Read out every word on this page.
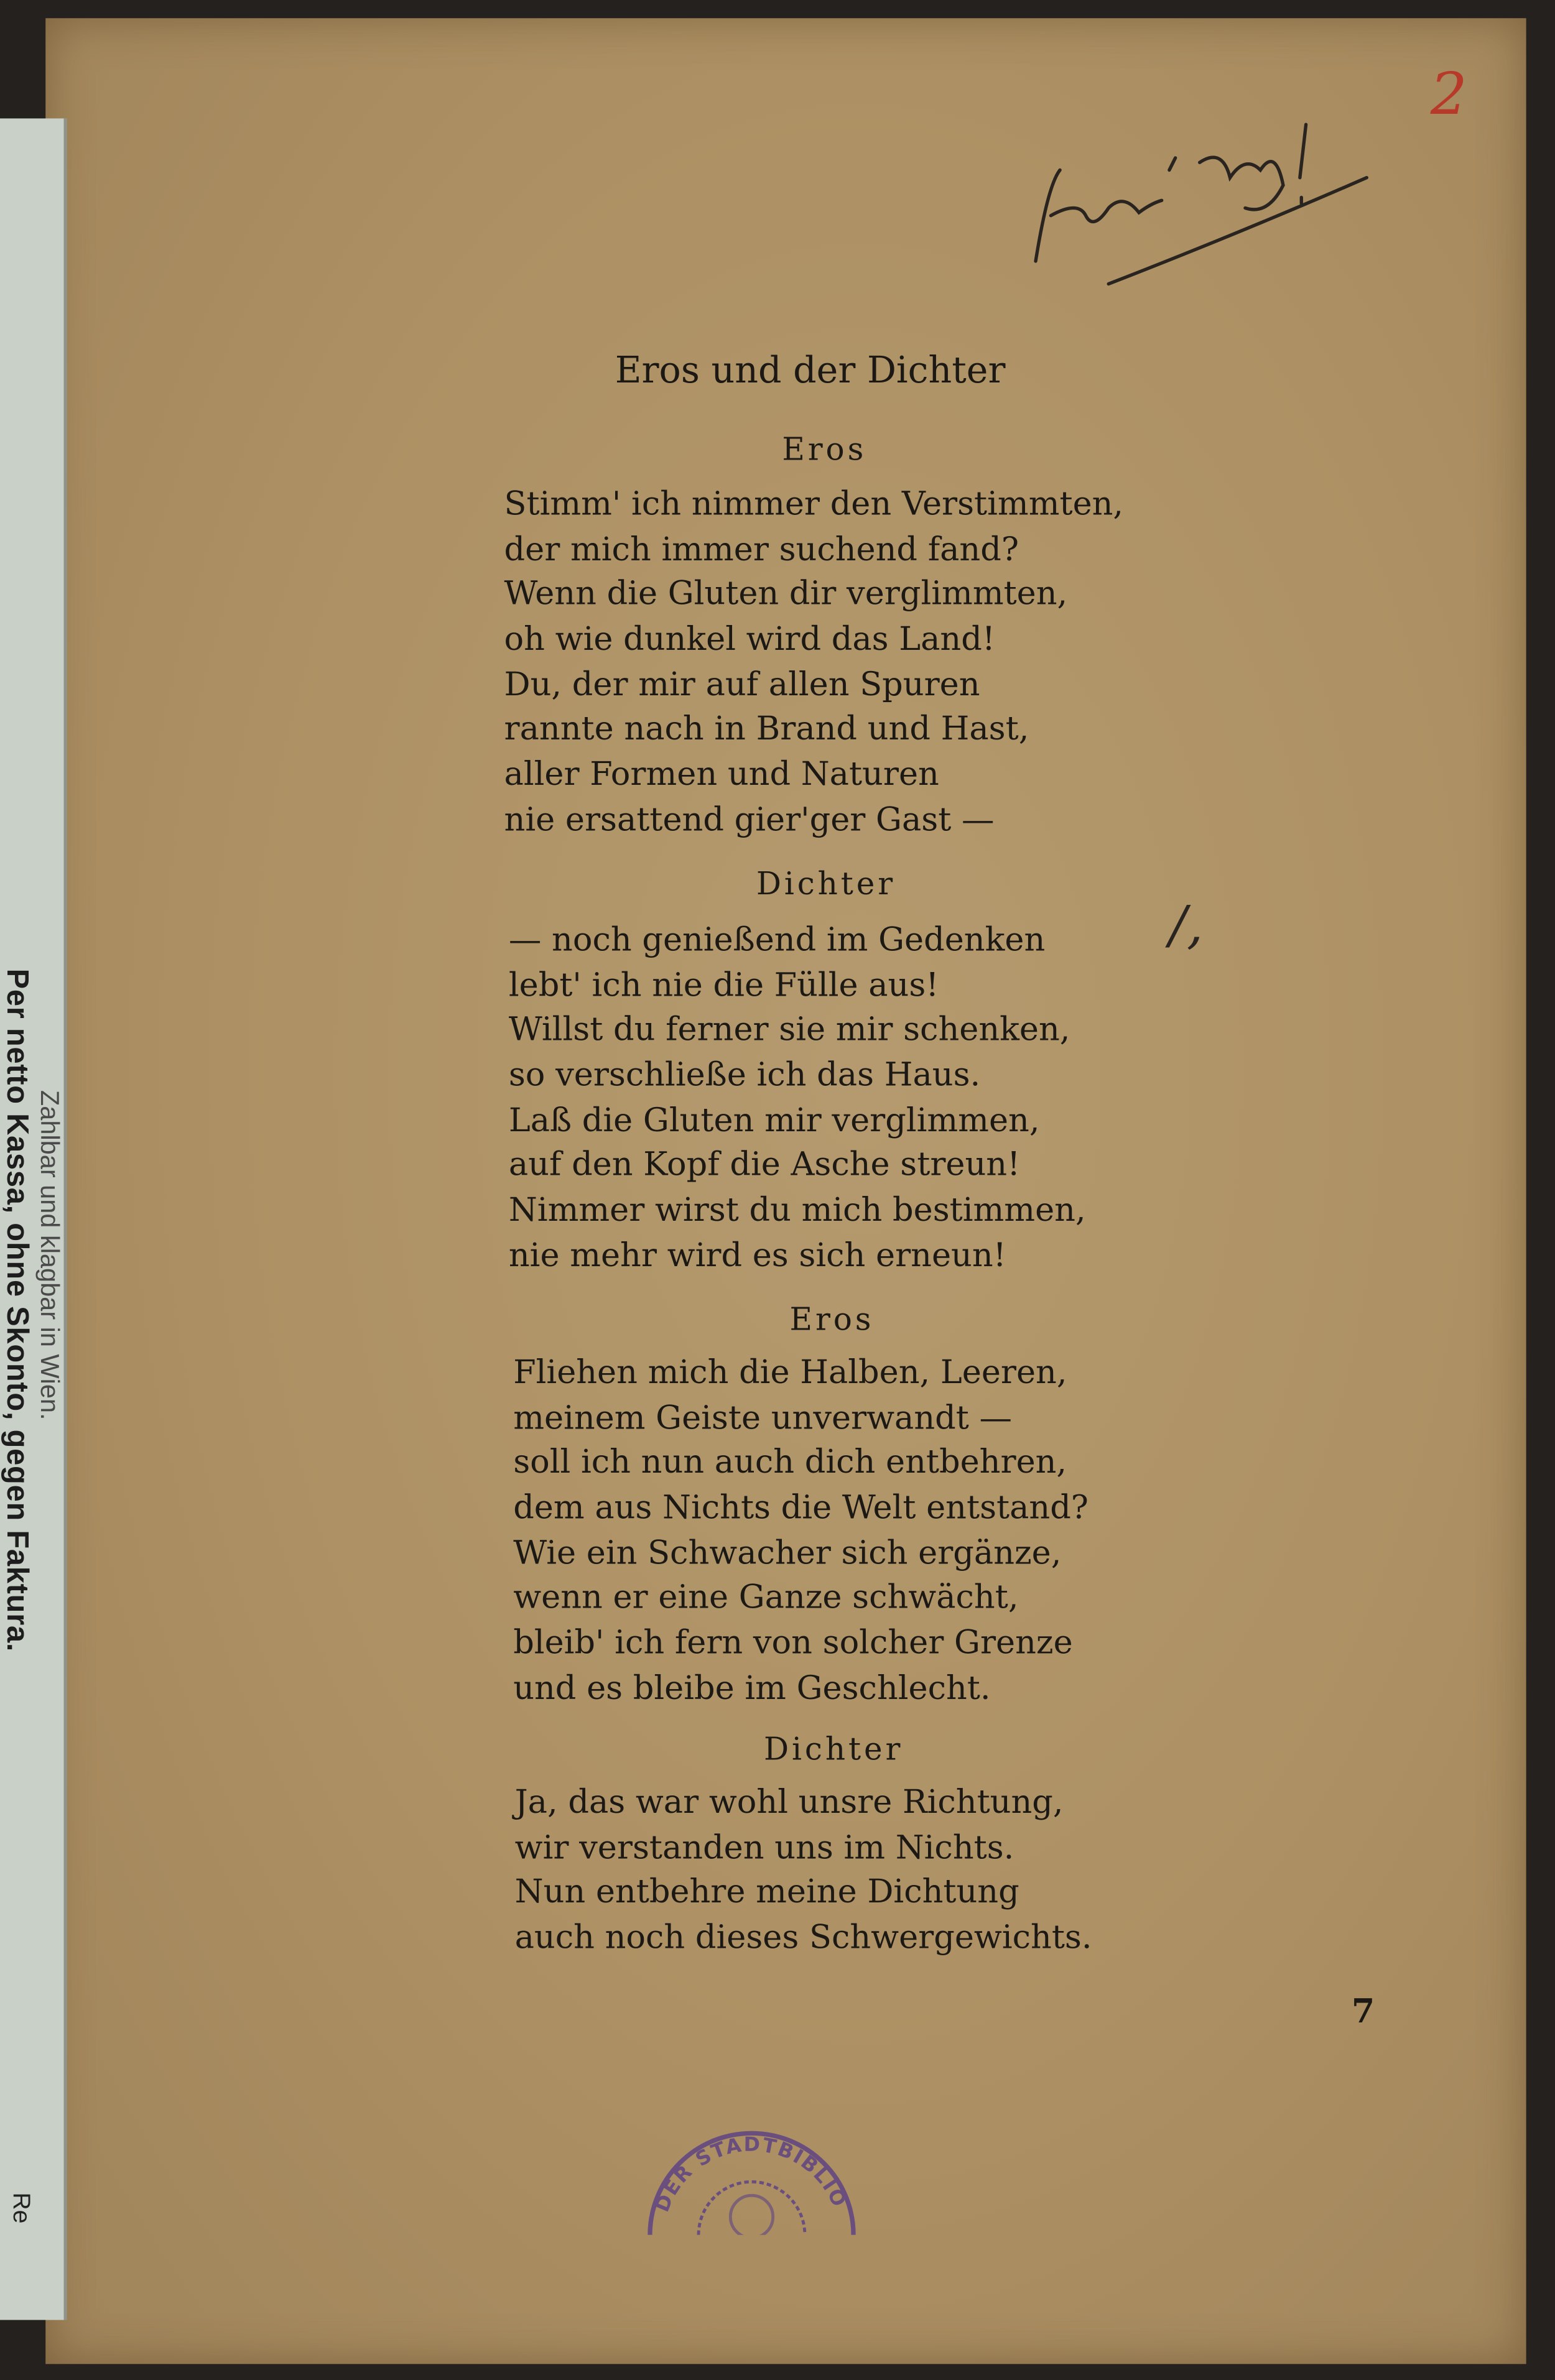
Per netto Kassa, ohne Skonto, gegen Faktura. Zahlbar und klagbar in Wien.
Re
2
/,
Eros und der Dichter
Eros
Stimm' ich nimmer den Verstimmten,
der mich immer suchend fand?
Wenn die Gluten dir verglimmten,
oh wie dunkel wird das Land!
Du, der mir auf allen Spuren
rannte nach in Brand und Hast,
aller Formen und Naturen
nie ersattend gier'ger Gast —
Dichter
— noch genießend im Gedenken
lebt' ich nie die Fülle aus!
Willst du ferner sie mir schenken,
so verschließe ich das Haus.
Laß die Gluten mir verglimmen,
auf den Kopf die Asche streun!
Nimmer wirst du mich bestimmen,
nie mehr wird es sich erneun!
Eros
Fliehen mich die Halben, Leeren,
meinem Geiste unverwandt —
soll ich nun auch dich entbehren,
dem aus Nichts die Welt entstand?
Wie ein Schwacher sich ergänze,
wenn er eine Ganze schwächt,
bleib' ich fern von solcher Grenze
und es bleibe im Geschlecht.
Dichter
Ja, das war wohl unsre Richtung,
wir verstanden uns im Nichts.
Nun entbehre meine Dichtung
auch noch dieses Schwergewichts.
7
DER STADTBIBLIO
